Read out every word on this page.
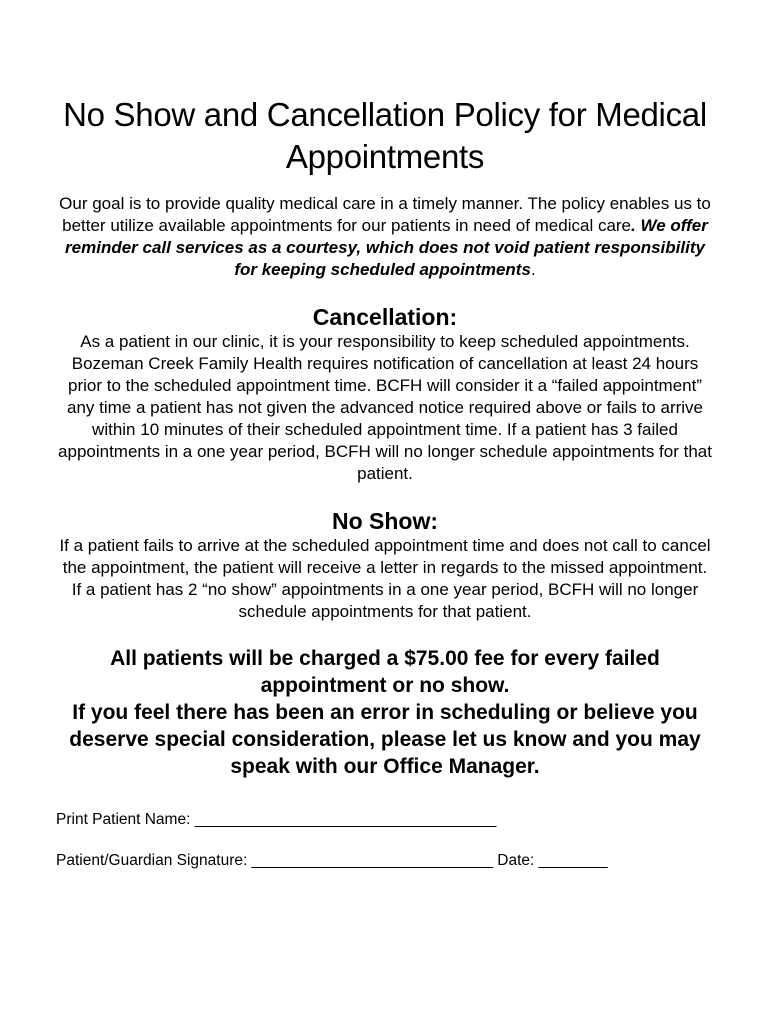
No Show and Cancellation Policy for Medical Appointments

Our goal is to provide quality medical care in a timely manner. The policy enables us to better utilize available appointments for our patients in need of medical care. We offer reminder call services as a courtesy, which does not void patient responsibility for keeping scheduled appointments.

Cancellation:

As a patient in our clinic, it is your responsibility to keep scheduled appointments. Bozeman Creek Family Health requires notification of cancellation at least 24 hours prior to the scheduled appointment time. BCFH will consider it a “failed appointment” any time a patient has not given the advanced notice required above or fails to arrive within 10 minutes of their scheduled appointment time. If a patient has 3 failed appointments in a one year period, BCFH will no longer schedule appointments for that patient.

No Show:

If a patient fails to arrive at the scheduled appointment time and does not call to cancel the appointment, the patient will receive a letter in regards to the missed appointment. If a patient has 2 “no show” appointments in a one year period, BCFH will no longer schedule appointments for that patient.

All patients will be charged a $75.00 fee for every failed appointment or no show.

If you feel there has been an error in scheduling or believe you deserve special consideration, please let us know and you may speak with our Office Manager.

Print Patient Name: ___________________________________

Patient/Guardian Signature: ____________________________ Date: ________
